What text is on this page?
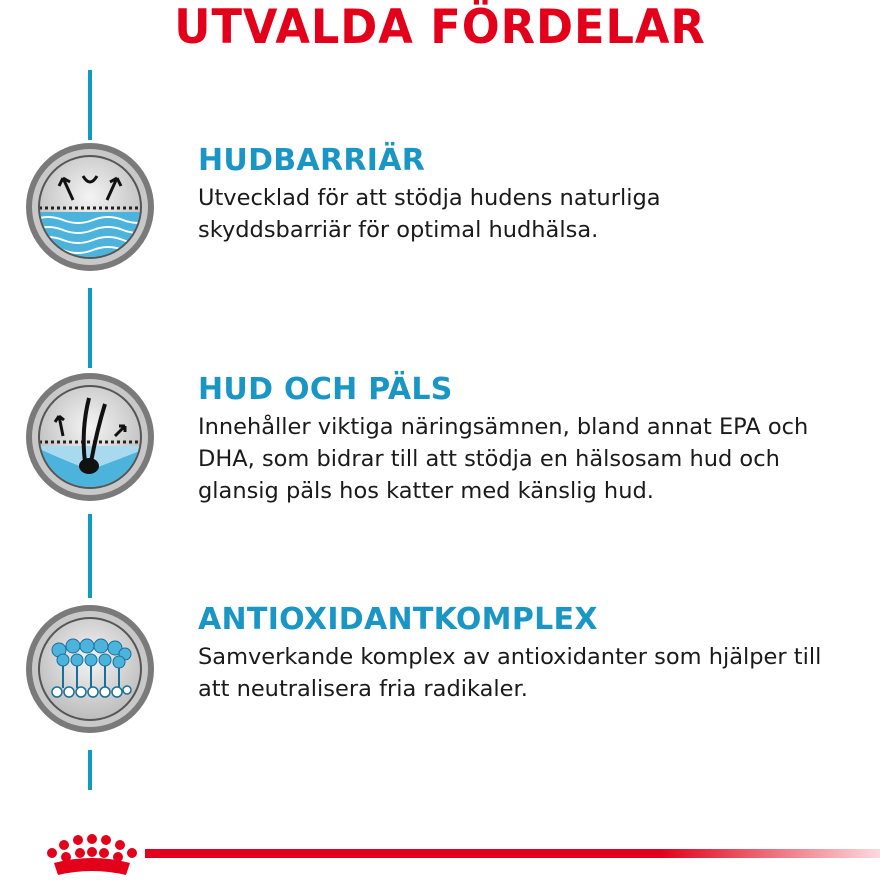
UTVALDA FÖRDELAR
HUDBARRIÄR
Utvecklad för att stödja hudens naturliga
skyddsbarriär för optimal hudhälsa.
HUD OCH PÄLS
Innehåller viktiga näringsämnen, bland annat EPA och
DHA, som bidrar till att stödja en hälsosam hud och
glansig päls hos katter med känslig hud.
ANTIOXIDANTKOMPLEX
Samverkande komplex av antioxidanter som hjälper till
att neutralisera fria radikaler.
